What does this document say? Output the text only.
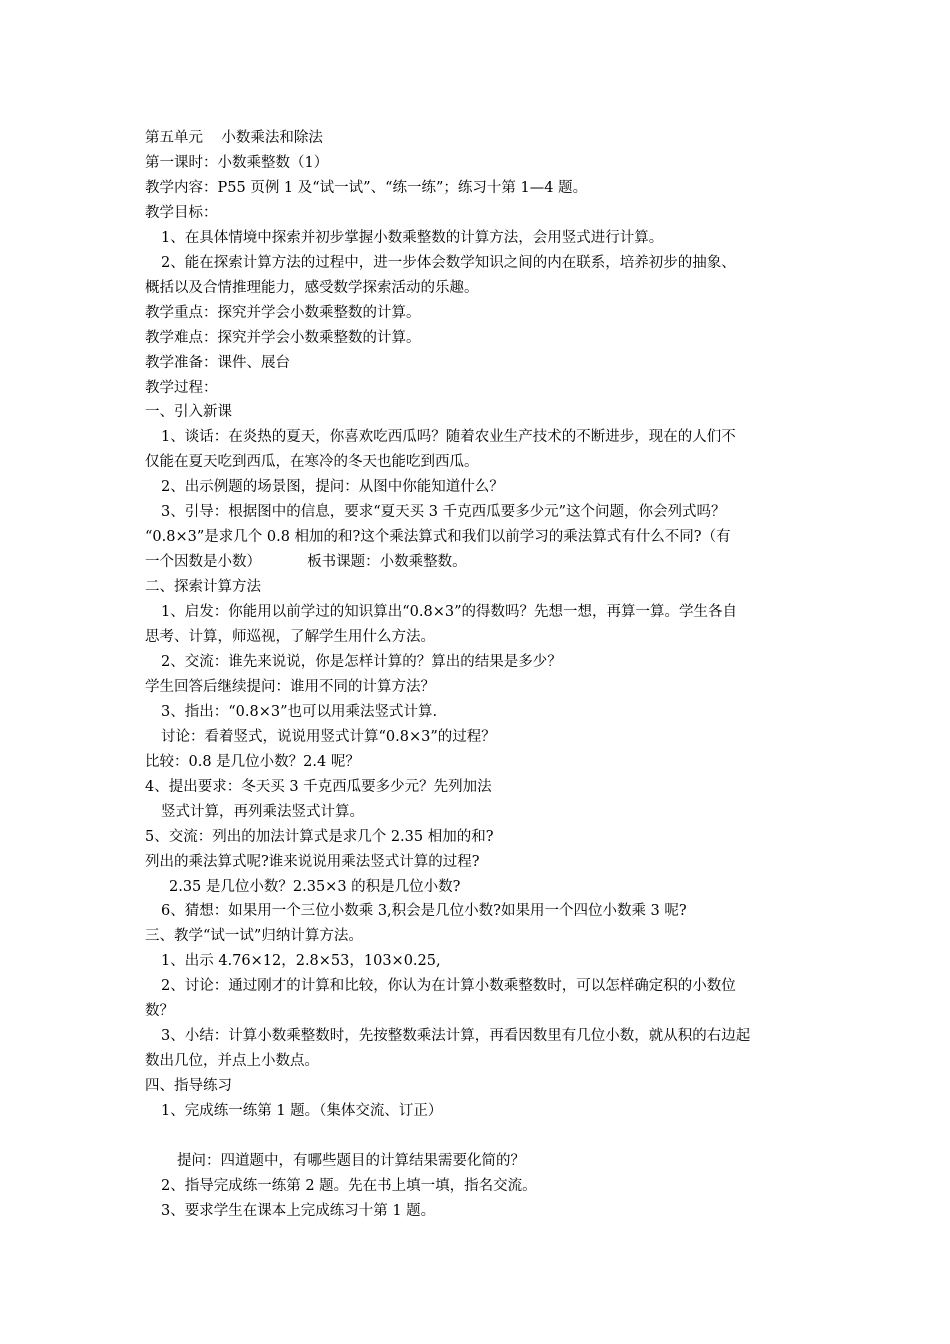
第五单元    小数乘法和除法
第一课时：小数乘整数（1）
教学内容：P55 页例 1 及“试一试”、“练一练”；练习十第 1—4 题。
教学目标：
1、在具体情境中探索并初步掌握小数乘整数的计算方法，会用竖式进行计算。
2、能在探索计算方法的过程中，进一步体会数学知识之间的内在联系，培养初步的抽象、
概括以及合情推理能力，感受数学探索活动的乐趣。
教学重点：探究并学会小数乘整数的计算。
教学难点：探究并学会小数乘整数的计算。
教学准备：课件、展台
教学过程：
一、引入新课
1、谈话：在炎热的夏天，你喜欢吃西瓜吗？随着农业生产技术的不断进步，现在的人们不
仅能在夏天吃到西瓜，在寒冷的冬天也能吃到西瓜。
2、出示例题的场景图，提问：从图中你能知道什么？
3、引导：根据图中的信息，要求“夏天买 3 千克西瓜要多少元”这个问题，你会列式吗？
“0.8×3”是求几个 0.8 相加的和?这个乘法算式和我们以前学习的乘法算式有什么不同?（有
一个因数是小数）          板书课题：小数乘整数。
二、探索计算方法
1、启发：你能用以前学过的知识算出“0.8×3”的得数吗？先想一想，再算一算。学生各自
思考、计算，师巡视，了解学生用什么方法。
2、交流：谁先来说说，你是怎样计算的？算出的结果是多少？
学生回答后继续提问：谁用不同的计算方法？
3、指出：“0.8×3”也可以用乘法竖式计算.
讨论：看着竖式，说说用竖式计算“0.8×3”的过程？
比较：0.8 是几位小数？2.4 呢？
4、提出要求：冬天买 3 千克西瓜要多少元？先列加法
竖式计算，再列乘法竖式计算。
5、交流：列出的加法计算式是求几个 2.35 相加的和?
列出的乘法算式呢?谁来说说用乘法竖式计算的过程?
2.35 是几位小数？2.35×3 的积是几位小数?
6、猜想：如果用一个三位小数乘 3,积会是几位小数?如果用一个四位小数乘 3 呢?
三、教学“试一试”归纳计算方法。
1、出示 4.76×12，2.8×53，103×0.25,
2、讨论：通过刚才的计算和比较，你认为在计算小数乘整数时，可以怎样确定积的小数位
数？
3、小结：计算小数乘整数时，先按整数乘法计算，再看因数里有几位小数，就从积的右边起
数出几位，并点上小数点。
四、指导练习
1、完成练一练第 1 题。（集体交流、订正）
提问：四道题中，有哪些题目的计算结果需要化简的？
2、指导完成练一练第 2 题。先在书上填一填，指名交流。
3、要求学生在课本上完成练习十第 1 题。
